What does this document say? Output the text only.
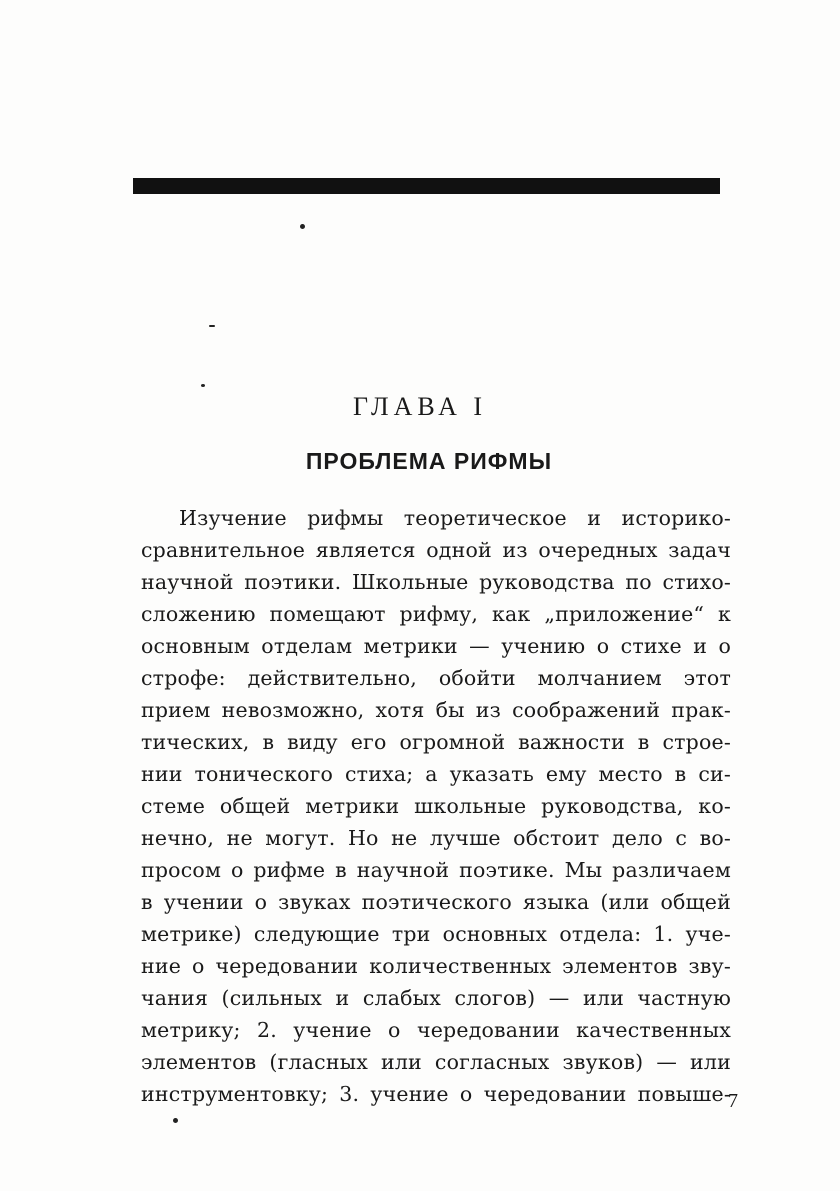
ГЛАВА I
ПРОБЛЕМА РИФМЫ
Изучение рифмы теоретическое и историко-
сравнительное является одной из очередных задач
научной поэтики. Школьные руководства по стихо-
сложению помещают рифму, как „приложение“ к
основным отделам метрики — учению о стихе и о
строфе: действительно, обойти молчанием этот
прием невозможно, хотя бы из соображений прак-
тических, в виду его огромной важности в строе-
нии тонического стиха; а указать ему место в си-
стеме общей метрики школьные руководства, ко-
нечно, не могут. Но не лучше обстоит дело с во-
просом о рифме в научной поэтике. Мы различаем
в учении о звуках поэтического языка (или общей
метрике) следующие три основных отдела: 1. уче-
ние о чередовании количественных элементов зву-
чания (сильных и слабых слогов) — или частную
метрику; 2. учение о чередовании качественных
элементов (гласных или согласных звуков) — или
инструментовку; 3. учение о чередовании повыше-
7
